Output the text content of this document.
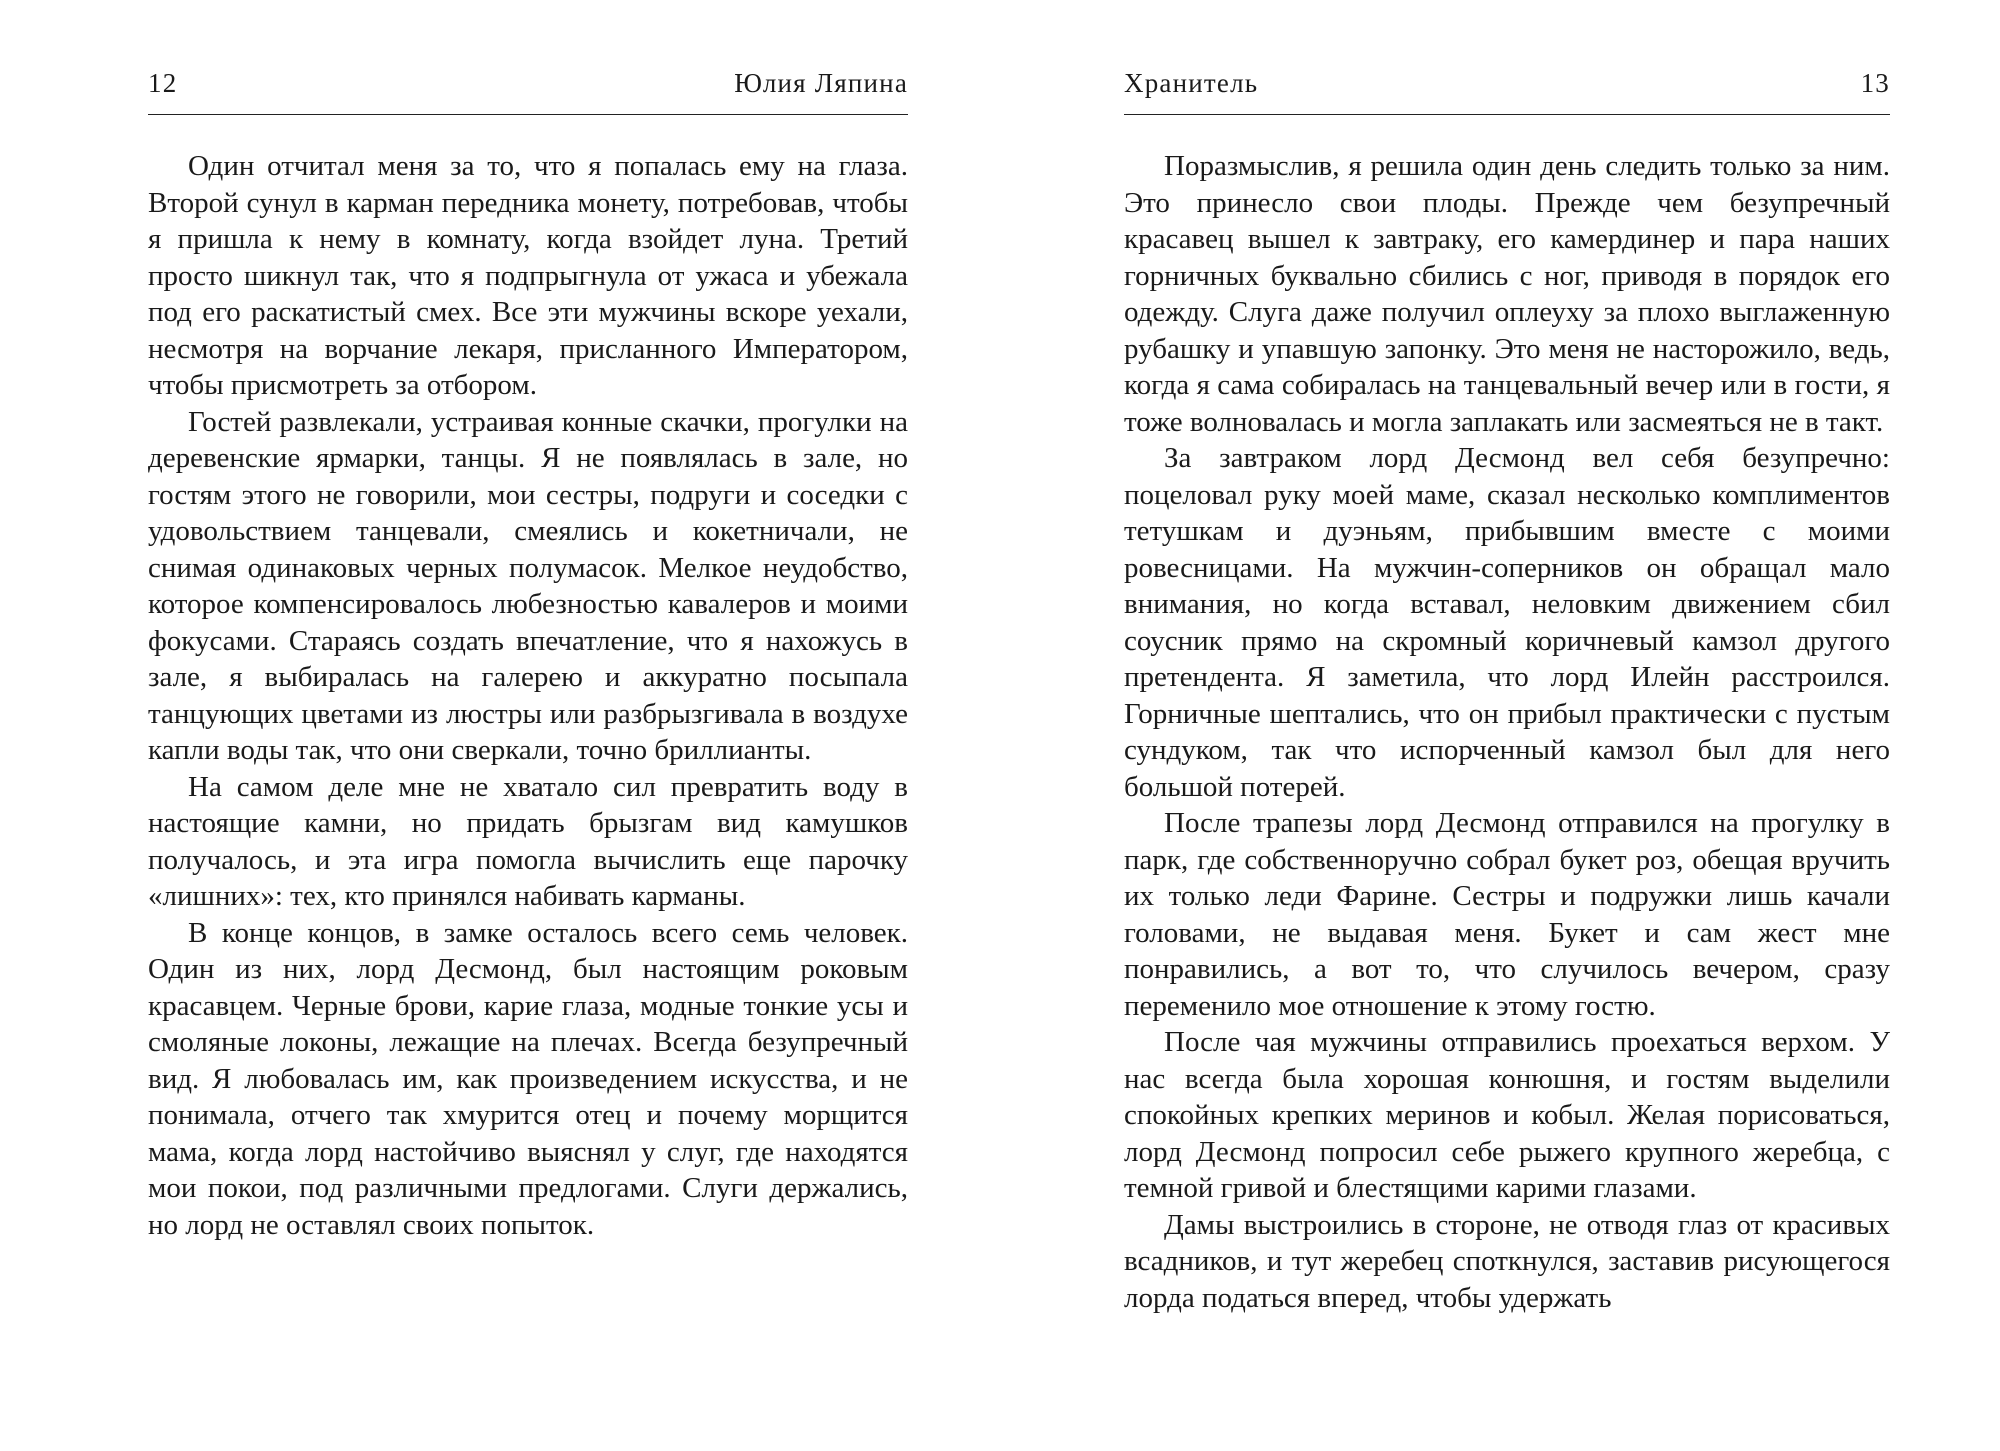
12	Юлия Ляпина

Один отчитал меня за то, что я попалась ему на глаза. Второй сунул в карман передника монету, потребовав, чтобы я пришла к нему в комнату, когда взойдет луна. Третий просто шикнул так, что я подпрыгнула от ужаса и убежала под его раскатистый смех. Все эти мужчины вскоре уехали, несмотря на ворчание лекаря, присланного Императором, чтобы присмотреть за отбором.

Гостей развлекали, устраивая конные скачки, прогулки на деревенские ярмарки, танцы. Я не появлялась в зале, но гостям этого не говорили, мои сестры, подруги и соседки с удовольствием танцевали, смеялись и кокетничали, не снимая одинаковых черных полумасок. Мелкое неудобство, которое компенсировалось любезностью кавалеров и моими фокусами. Стараясь создать впечатление, что я нахожусь в зале, я выбиралась на галерею и аккуратно посыпала танцующих цветами из люстры или разбрызгивала в воздухе капли воды так, что они сверкали, точно бриллианты.

На самом деле мне не хватало сил превратить воду в настоящие камни, но придать брызгам вид камушков получалось, и эта игра помогла вычислить еще парочку «лишних»: тех, кто принялся набивать карманы.

В конце концов, в замке осталось всего семь человек. Один из них, лорд Десмонд, был настоящим роковым красавцем. Черные брови, карие глаза, модные тонкие усы и смоляные локоны, лежащие на плечах. Всегда безупречный вид. Я любовалась им, как произведением искусства, и не понимала, отчего так хмурится отец и почему морщится мама, когда лорд настойчиво выяснял у слуг, где находятся мои покои, под различными предлогами. Слуги держались, но лорд не оставлял своих попыток.

Хранитель	13

Поразмыслив, я решила один день следить только за ним. Это принесло свои плоды. Прежде чем безупречный красавец вышел к завтраку, его камердинер и пара наших горничных буквально сбились с ног, приводя в порядок его одежду. Слуга даже получил оплеуху за плохо выглаженную рубашку и упавшую запонку. Это меня не насторожило, ведь, когда я сама собиралась на танцевальный вечер или в гости, я тоже волновалась и могла заплакать или засмеяться не в такт.

За завтраком лорд Десмонд вел себя безупречно: поцеловал руку моей маме, сказал несколько комплиментов тетушкам и дуэньям, прибывшим вместе с моими ровесницами. На мужчин-соперников он обращал мало внимания, но когда вставал, неловким движением сбил соусник прямо на скромный коричневый камзол другого претендента. Я заметила, что лорд Илейн расстроился. Горничные шептались, что он прибыл практически с пустым сундуком, так что испорченный камзол был для него большой потерей.

После трапезы лорд Десмонд отправился на прогулку в парк, где собственноручно собрал букет роз, обещая вручить их только леди Фарине. Сестры и подружки лишь качали головами, не выдавая меня. Букет и сам жест мне понравились, а вот то, что случилось вечером, сразу переменило мое отношение к этому гостю.

После чая мужчины отправились проехаться верхом. У нас всегда была хорошая конюшня, и гостям выделили спокойных крепких меринов и кобыл. Желая порисоваться, лорд Десмонд попросил себе рыжего крупного жеребца, с темной гривой и блестящими карими глазами.

Дамы выстроились в стороне, не отводя глаз от красивых всадников, и тут жеребец споткнулся, заставив рисующегося лорда податься вперед, чтобы удержать
